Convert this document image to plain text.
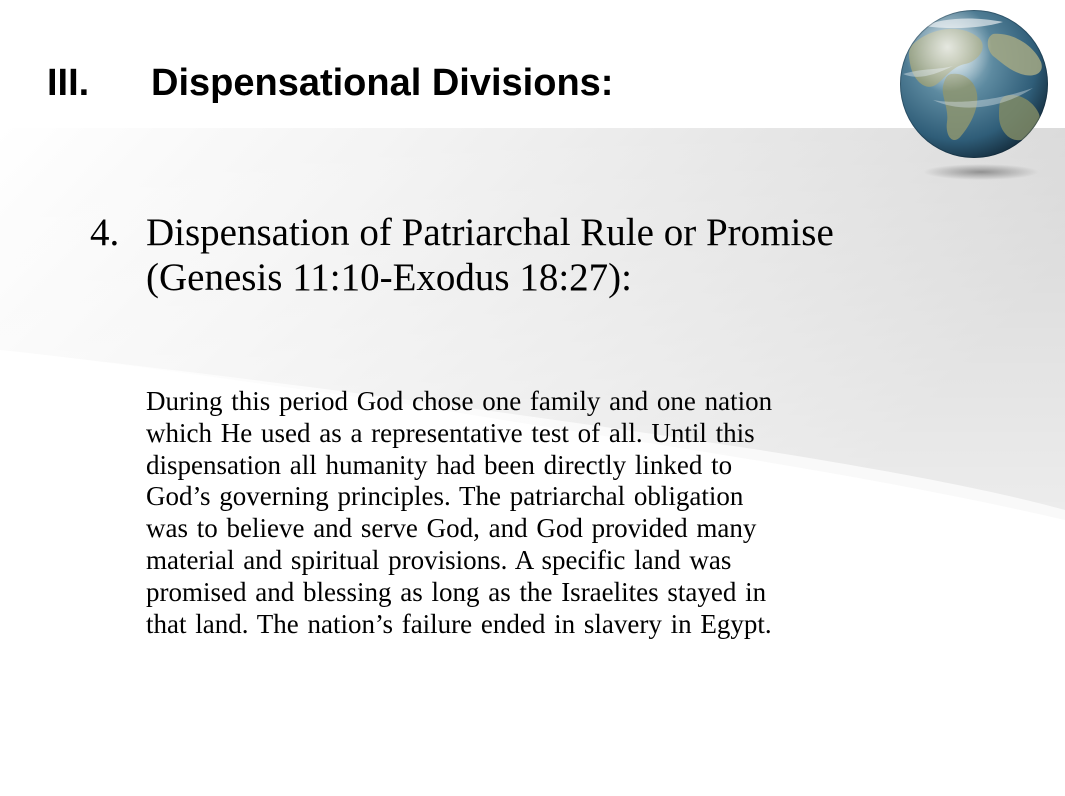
III. Dispensational Divisions:
4. Dispensation of Patriarchal Rule or Promise
(Genesis 11:10-Exodus 18:27):
During this period God chose one family and one nation
which He used as a representative test of all. Until this
dispensation all humanity had been directly linked to
God’s governing principles. The patriarchal obligation
was to believe and serve God, and God provided many
material and spiritual provisions. A specific land was
promised and blessing as long as the Israelites stayed in
that land. The nation’s failure ended in slavery in Egypt.
